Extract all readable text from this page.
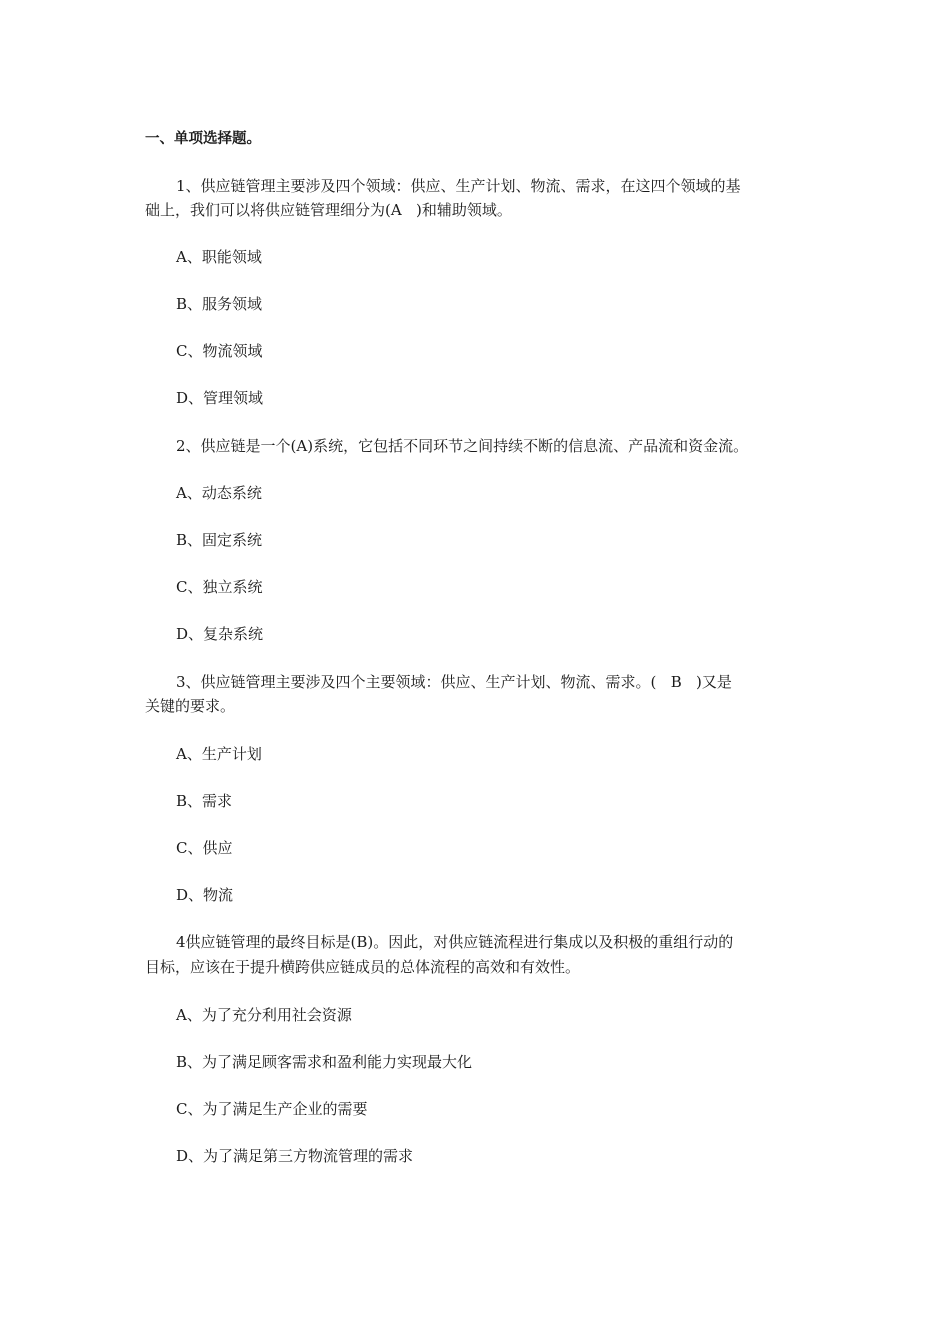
一、单项选择题。
1、供应链管理主要涉及四个领域：供应、生产计划、物流、需求，在这四个领域的基
础上，我们可以将供应链管理细分为(A   )和辅助领域。
A、职能领域
B、服务领域
C、物流领域
D、管理领域
2、供应链是一个(A)系统，它包括不同环节之间持续不断的信息流、产品流和资金流。
A、动态系统
B、固定系统
C、独立系统
D、复杂系统
3、供应链管理主要涉及四个主要领域：供应、生产计划、物流、需求。(   B   )又是
关键的要求。
A、生产计划
B、需求
C、供应
D、物流
4供应链管理的最终目标是(B)。因此，对供应链流程进行集成以及积极的重组行动的
目标，应该在于提升横跨供应链成员的总体流程的高效和有效性。
A、为了充分利用社会资源
B、为了满足顾客需求和盈利能力实现最大化
C、为了满足生产企业的需要
D、为了满足第三方物流管理的需求
